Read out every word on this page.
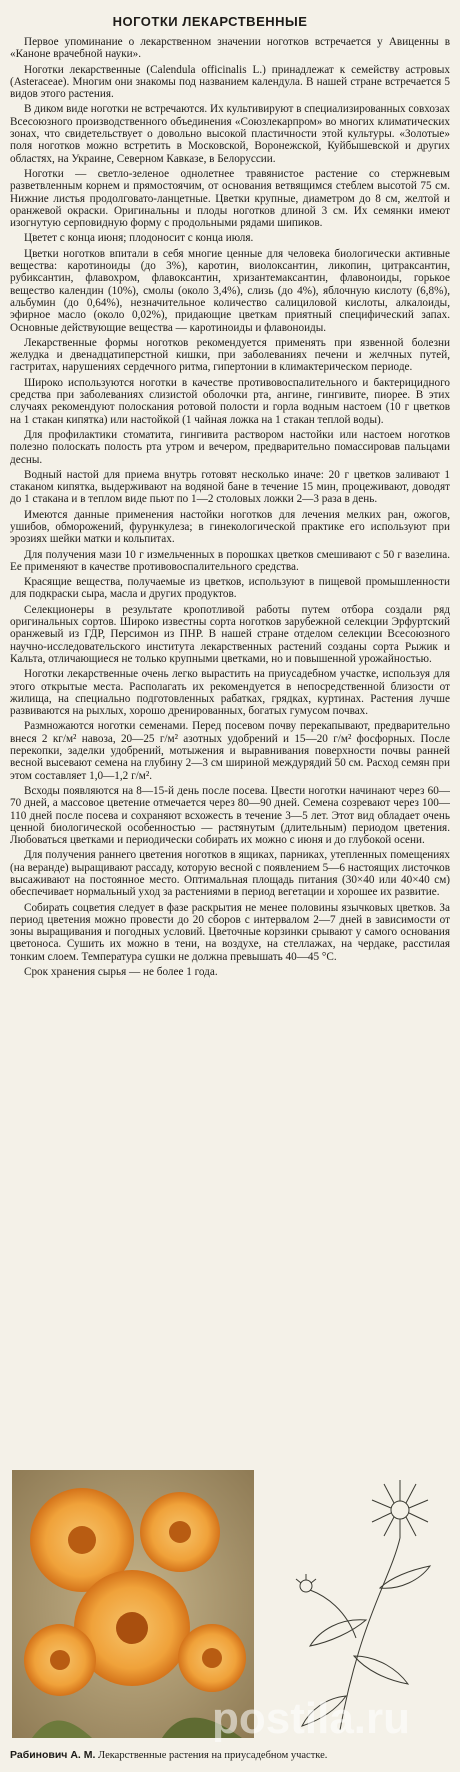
НОГОТКИ ЛЕКАРСТВЕННЫЕ

Первое упоминание о лекарственном значении ноготков встречается у Авиценны в «Каноне врачебной науки».

Ноготки лекарственные (Calendula officinalis L.) принадлежат к семейству астровых (Asteraceae). Многим они знакомы под названием календула. В нашей стране встречается 5 видов этого растения.

В диком виде ноготки не встречаются. Их культивируют в специализированных совхозах Всесоюзного производственного объединения «Союзлекарпром» во многих климатических зонах, что свидетельствует о довольно высокой пластичности этой культуры. «Золотые» поля ноготков можно встретить в Московской, Воронежской, Куйбышевской и других областях, на Украине, Северном Кавказе, в Белоруссии.

Ноготки — светло-зеленое однолетнее травянистое растение со стержневым разветвленным корнем и прямостоячим, от основания ветвящимся стеблем высотой 75 см. Нижние листья продолговато-ланцетные. Цветки крупные, диаметром до 8 см, желтой и оранжевой окраски. Оригинальны и плоды ноготков длиной 3 см. Их семянки имеют изогнутую серповидную форму с продольными рядами шипиков.

Цветет с конца июня; плодоносит с конца июля.

Цветки ноготков впитали в себя многие ценные для человека биологически активные вещества: каротиноиды (до 3%), каротин, виолоксантин, ликопин, цитраксантин, рубиксантин, флавохром, флавоксантин, хризантемаксантин, флавоноиды, горькое вещество календин (10%), смолы (около 3,4%), слизь (до 4%), яблочную кислоту (6,8%), альбумин (до 0,64%), незначительное количество салициловой кислоты, алкалоиды, эфирное масло (около 0,02%), придающие цветкам приятный специфический запах. Основные действующие вещества — каротиноиды и флавоноиды.

Лекарственные формы ноготков рекомендуется применять при язвенной болезни желудка и двенадцатиперстной кишки, при заболеваниях печени и желчных путей, гастритах, нарушениях сердечного ритма, гипертонии в климактерическом периоде.

Широко используются ноготки в качестве противовоспалительного и бактерицидного средства при заболеваниях слизистой оболочки рта, ангине, гингивите, пиорее. В этих случаях рекомендуют полоскания ротовой полости и горла водным настоем (10 г цветков на 1 стакан кипятка) или настойкой (1 чайная ложка на 1 стакан теплой воды).

Для профилактики стоматита, гингивита раствором настойки или настоем ноготков полезно полоскать полость рта утром и вечером, предварительно помассировав пальцами десны.

Водный настой для приема внутрь готовят несколько иначе: 20 г цветков заливают 1 стаканом кипятка, выдерживают на водяной бане в течение 15 мин, процеживают, доводят до 1 стакана и в теплом виде пьют по 1—2 столовых ложки 2—3 раза в день.

Имеются данные применения настойки ноготков для лечения мелких ран, ожогов, ушибов, обморожений, фурункулеза; в гинекологической практике его используют при эрозиях шейки матки и кольпитах.

Для получения мази 10 г измельченных в порошках цветков смешивают с 50 г вазелина. Ее применяют в качестве противовоспалительного средства.

Красящие вещества, получаемые из цветков, используют в пищевой промышленности для подкраски сыра, масла и других продуктов.

Селекционеры в результате кропотливой работы путем отбора создали ряд оригинальных сортов. Широко известны сорта ноготков зарубежной селекции Эрфуртский оранжевый из ГДР, Персимон из ПНР. В нашей стране отделом селекции Всесоюзного научно-исследовательского института лекарственных растений созданы сорта Рыжик и Кальта, отличающиеся не только крупными цветками, но и повышенной урожайностью.

Ноготки лекарственные очень легко вырастить на приусадебном участке, используя для этого открытые места. Располагать их рекомендуется в непосредственной близости от жилища, на специально подготовленных рабатках, грядках, куртинах. Растения лучше развиваются на рыхлых, хорошо дренированных, богатых гумусом почвах.

Размножаются ноготки семенами. Перед посевом почву перекапывают, предварительно внеся 2 кг/м² навоза, 20—25 г/м² азотных удобрений и 15—20 г/м² фосфорных. После перекопки, заделки удобрений, мотыжения и выравнивания поверхности почвы ранней весной высевают семена на глубину 2—3 см шириной междурядий 50 см. Расход семян при этом составляет 1,0—1,2 г/м².

Всходы появляются на 8—15-й день после посева. Цвести ноготки начинают через 60—70 дней, а массовое цветение отмечается через 80—90 дней. Семена созревают через 100—110 дней после посева и сохраняют всхожесть в течение 3—5 лет. Этот вид обладает очень ценной биологической особенностью — растянутым (длительным) периодом цветения. Любоваться цветками и периодически собирать их можно с июня и до глубокой осени.

Для получения раннего цветения ноготков в ящиках, парниках, утепленных помещениях (на веранде) выращивают рассаду, которую весной с появлением 5—6 настоящих листочков высаживают на постоянное место. Оптимальная площадь питания (30×40 или 40×40 см) обеспечивает нормальный уход за растениями в период вегетации и хорошее их развитие.

Собирать соцветия следует в фазе раскрытия не менее половины язычковых цветков. За период цветения можно провести до 20 сборов с интервалом 2—7 дней в зависимости от зоны выращивания и погодных условий. Цветочные корзинки срывают у самого основания цветоноса. Сушить их можно в тени, на воздухе, на стеллажах, на чердаке, расстилая тонким слоем. Температура сушки не должна превышать 40—45 °С.

Срок хранения сырья — не более 1 года.

Рабинович А. М. Лекарственные растения на приусадебном участке.
postila.ru
